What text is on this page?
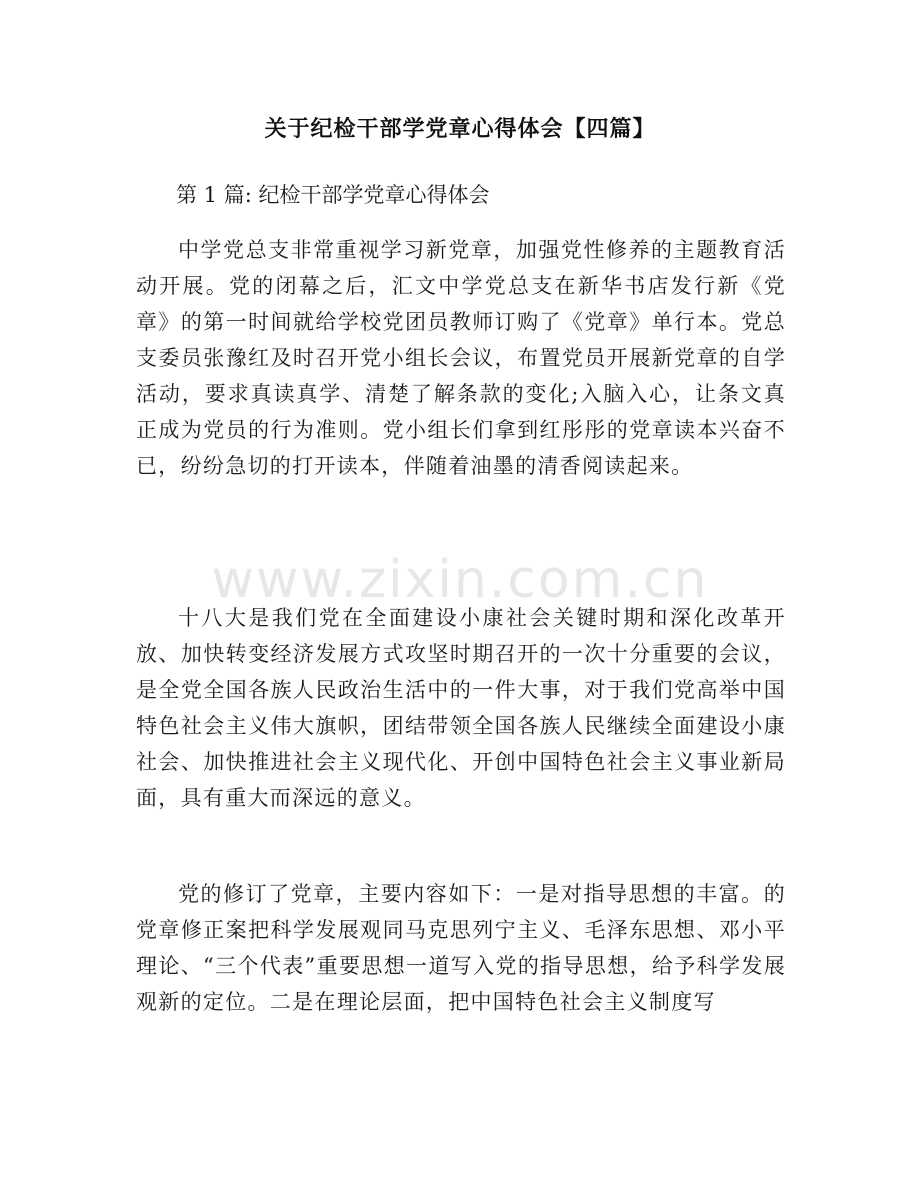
关于纪检干部学党章心得体会【四篇】
第 1 篇: 纪检干部学党章心得体会

中学党总支非常重视学习新党章，加强党性修养的主题教育活动开展。党的闭幕之后，汇文中学党总支在新华书店发行新《党章》的第一时间就给学校党团员教师订购了《党章》单行本。党总支委员张豫红及时召开党小组长会议，布置党员开展新党章的自学活动，要求真读真学、清楚了解条款的变化;入脑入心，让条文真正成为党员的行为准则。党小组长们拿到红彤彤的党章读本兴奋不已，纷纷急切的打开读本，伴随着油墨的清香阅读起来。

十八大是我们党在全面建设小康社会关键时期和深化改革开放、加快转变经济发展方式攻坚时期召开的一次十分重要的会议，是全党全国各族人民政治生活中的一件大事，对于我们党高举中国特色社会主义伟大旗帜，团结带领全国各族人民继续全面建设小康社会、加快推进社会主义现代化、开创中国特色社会主义事业新局面，具有重大而深远的意义。

党的修订了党章，主要内容如下：一是对指导思想的丰富。的党章修正案把科学发展观同马克思列宁主义、毛泽东思想、邓小平理论、“三个代表”重要思想一道写入党的指导思想，给予科学发展观新的定位。二是在理论层面，把中国特色社会主义制度写

www.zixin.com.cn
